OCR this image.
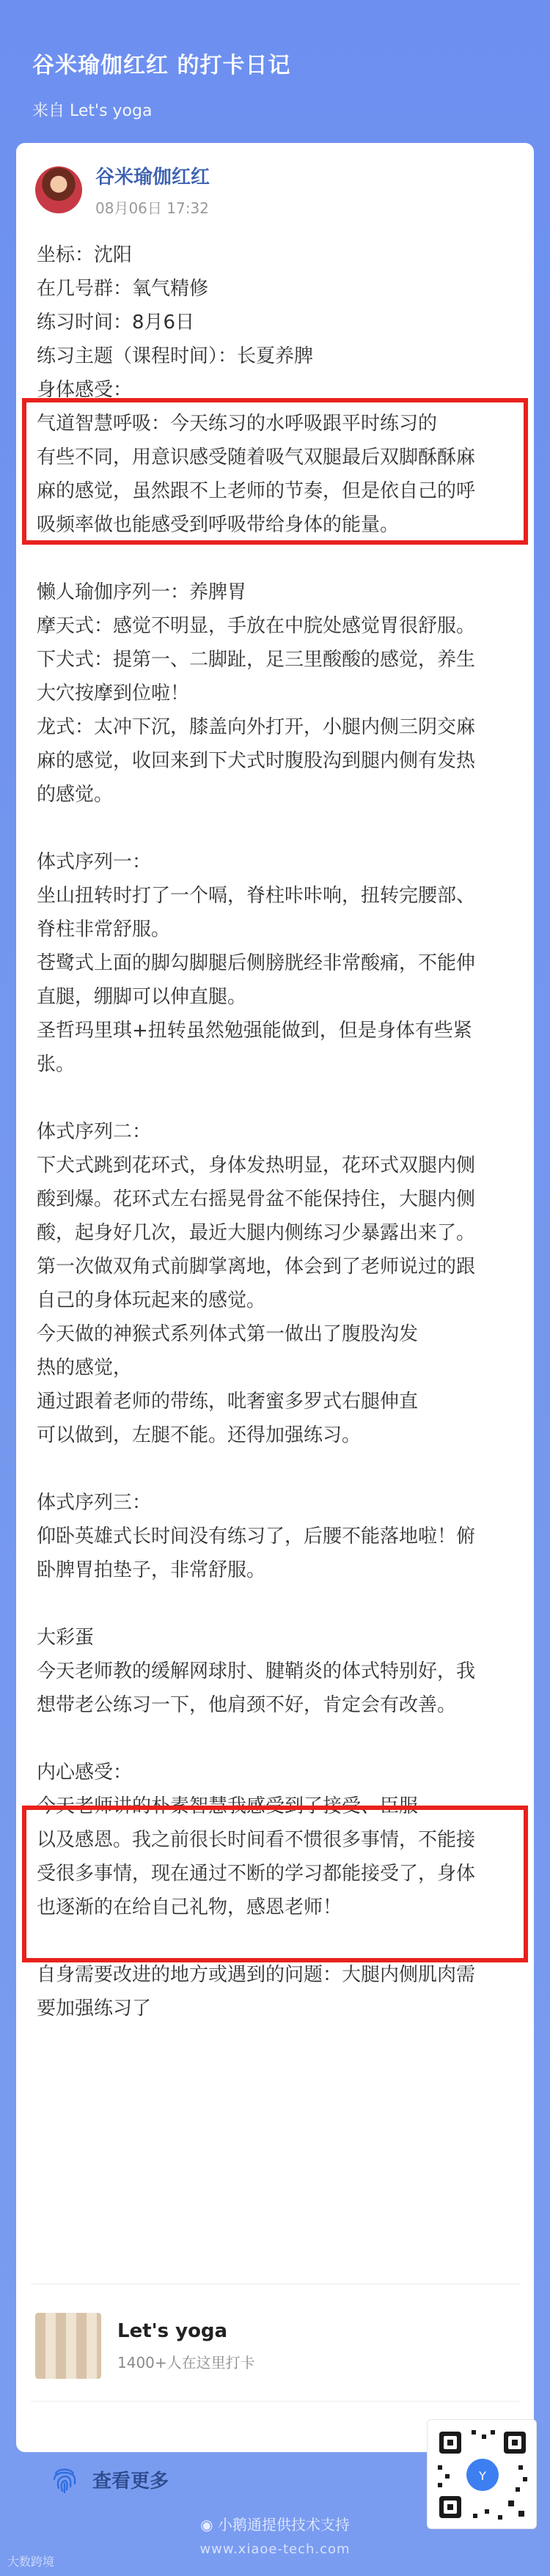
谷米瑜伽红红 的打卡日记
来自 Let's yoga
谷米瑜伽红红
08月06日 17:32
坐标：沈阳
在几号群：氧气精修
练习时间：8月6日
练习主题（课程时间）：长夏养脾
身体感受：
气道智慧呼吸：今天练习的水呼吸跟平时练习的
有些不同，用意识感受随着吸气双腿最后双脚酥酥麻
麻的感觉，虽然跟不上老师的节奏，但是依自己的呼
吸频率做也能感受到呼吸带给身体的能量。
懒人瑜伽序列一：养脾胃
摩天式：感觉不明显，手放在中脘处感觉胃很舒服。
下犬式：提第一、二脚趾，足三里酸酸的感觉，养生
大穴按摩到位啦！
龙式：太冲下沉，膝盖向外打开，小腿内侧三阴交麻
麻的感觉，收回来到下犬式时腹股沟到腿内侧有发热
的感觉。
体式序列一：
坐山扭转时打了一个嗝，脊柱咔咔响，扭转完腰部、
脊柱非常舒服。
苍鹭式上面的脚勾脚腿后侧膀胱经非常酸痛，不能伸
直腿，绷脚可以伸直腿。
圣哲玛里琪+扭转虽然勉强能做到，但是身体有些紧
张。
体式序列二：
下犬式跳到花环式，身体发热明显，花环式双腿内侧
酸到爆。花环式左右摇晃骨盆不能保持住，大腿内侧
酸，起身好几次，最近大腿内侧练习少暴露出来了。
第一次做双角式前脚掌离地，体会到了老师说过的跟
自己的身体玩起来的感觉。
今天做的神猴式系列体式第一做出了腹股沟发
热的感觉，
通过跟着老师的带练，吡奢蜜多罗式右腿伸直
可以做到，左腿不能。还得加强练习。
体式序列三：
仰卧英雄式长时间没有练习了，后腰不能落地啦！俯
卧脾胃拍垫子，非常舒服。
大彩蛋
今天老师教的缓解网球肘、腱鞘炎的体式特别好，我
想带老公练习一下，他肩颈不好，肯定会有改善。
内心感受：
今天老师讲的朴素智慧我感受到了接受、臣服
以及感恩。我之前很长时间看不惯很多事情，不能接
受很多事情，现在通过不断的学习都能接受了，身体
也逐渐的在给自己礼物，感恩老师！
自身需要改进的地方或遇到的问题：大腿内侧肌肉需
要加强练习了
Let's yoga
1400+人在这里打卡
查看更多	Y
◉ 小鹅通提供技术支持
www.xiaoe-tech.com
大数跨境
